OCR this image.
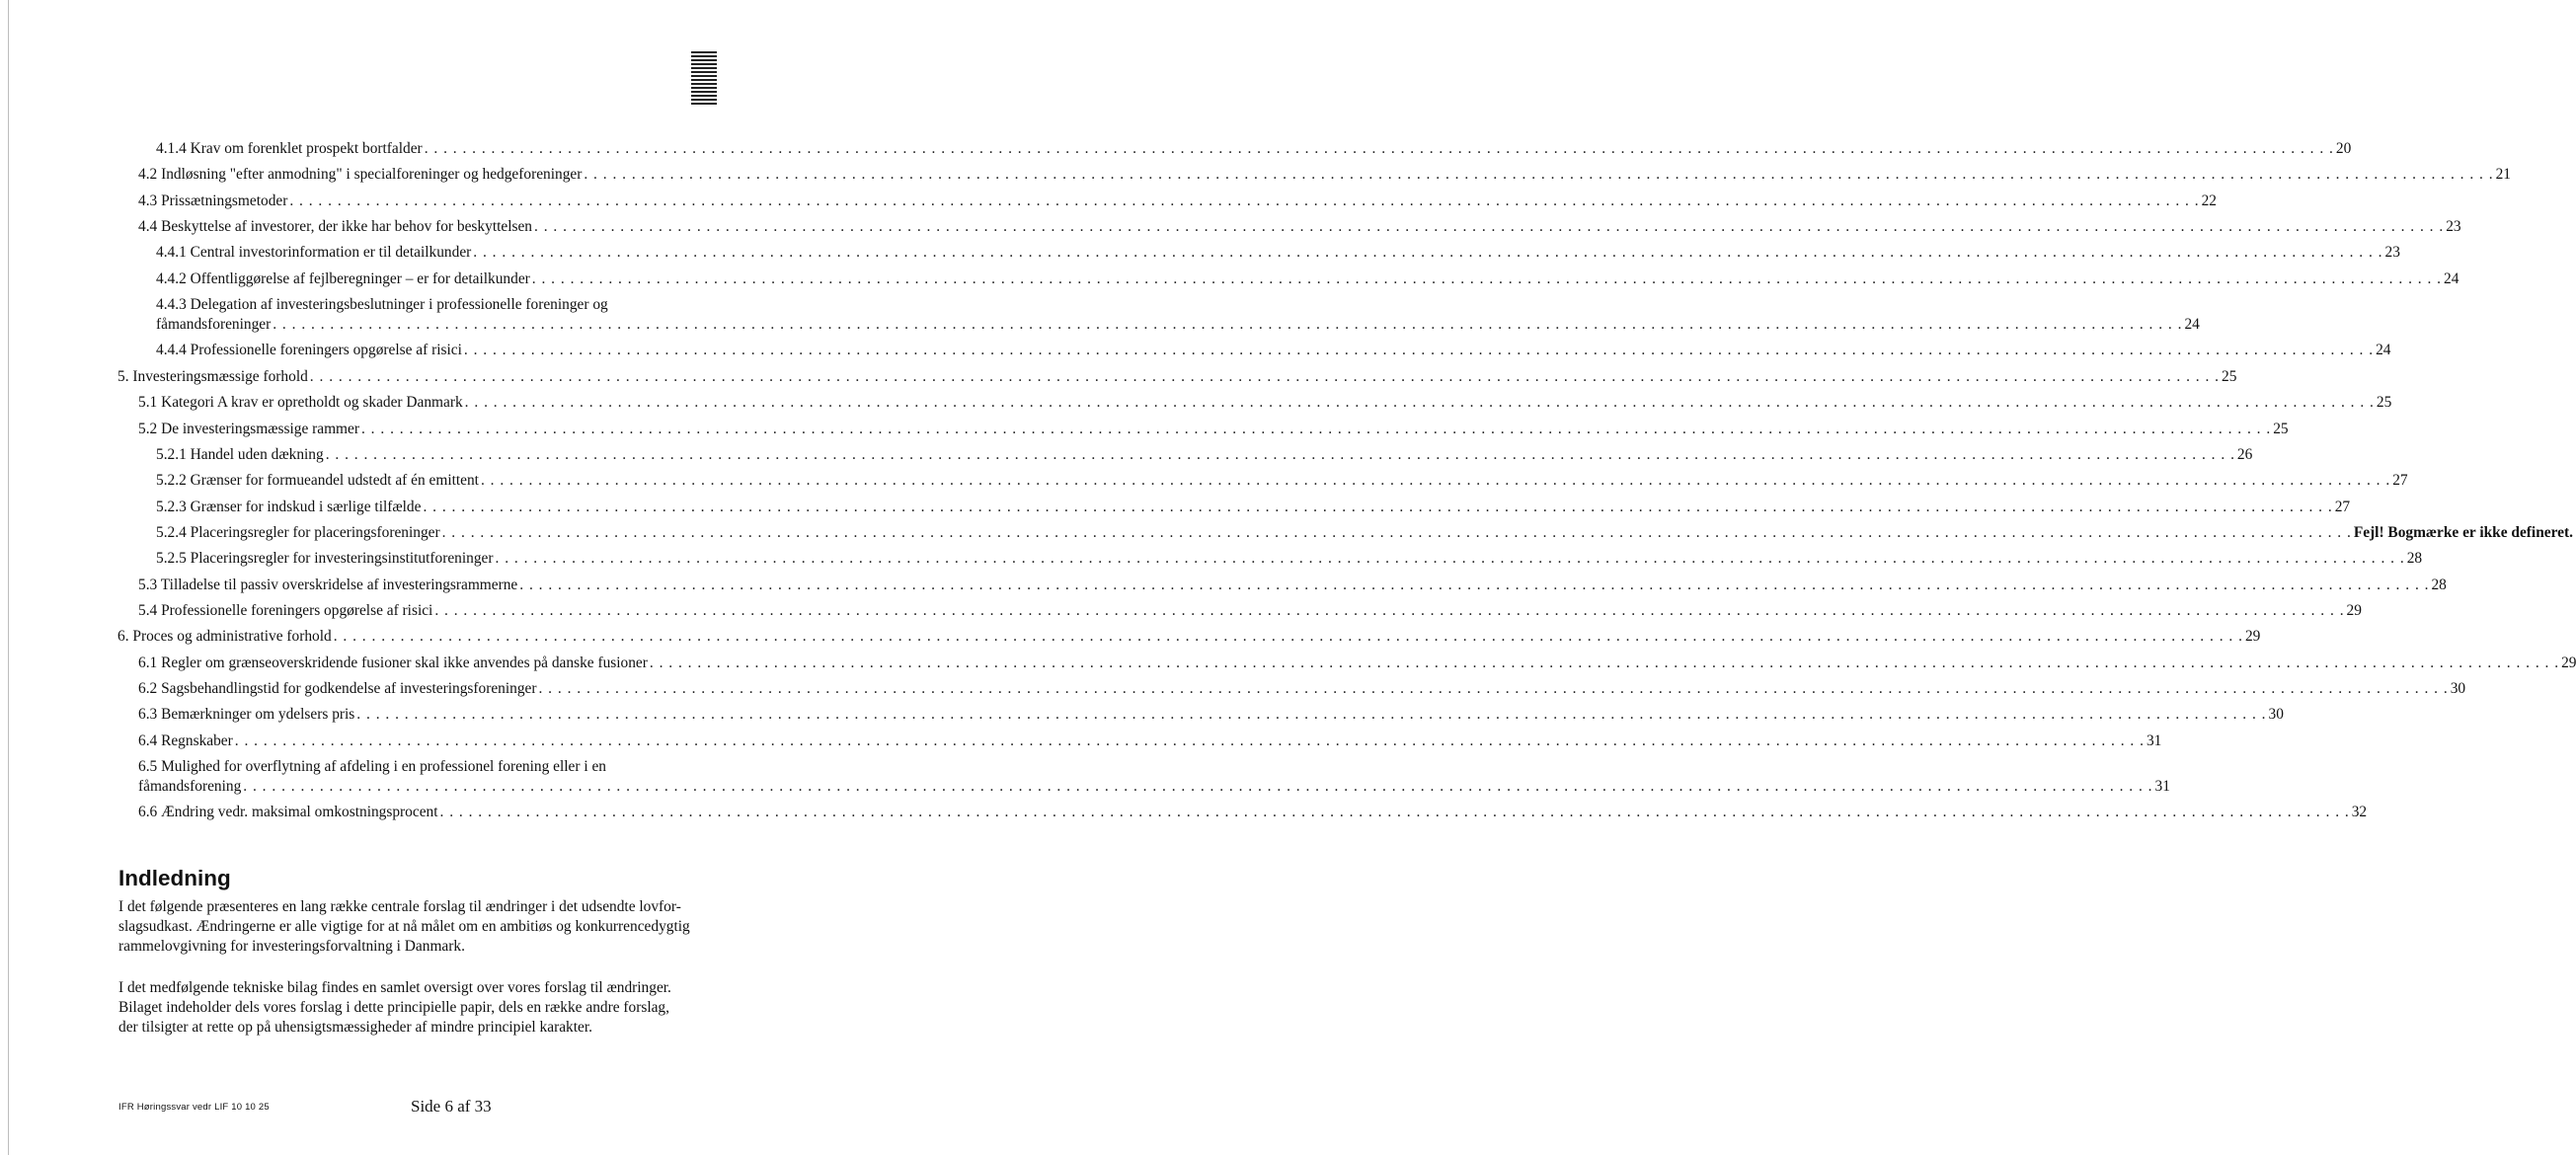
4.1.4 Krav om forenklet prospekt bortfalder . . . . . . . . . . . . . . . . . . . . . . . . . . . . . . . . . . . . . . . . . . . . . . . . . . . . . . . . . . . . . . . . . . . . . . . . . . . . . . . . . . . . . . . . . . . . . . . . . . . . . . . . . . . . . . . . . . . . . . . . . . . . . . . . . . . . . . . . . . . . . . . . . . . . . . . . . . . . . . . . . . . . . . . . . . . . . . . . . . . . . . . . . . . . . . . . . . . . . . . . 20
4.2 Indløsning "efter anmodning" i specialforeninger og hedgeforeninger . . . . . . . . . . . . . . . . . . . . . . . . . . . . . . . . . . . . . . . . . . . . . . . . . . . . . . . . . . . . . . . . . . . . . . . . . . . . . . . . . . . . . . . . . . . . . . . . . . . . . . . . . . . . . . . . . . . . . . . . . . . . . . . . . . . . . . . . . . . . . . . . . . . . . . . . . . . . . . . . . . . . . . . . . . . . . . . . . . . . . . . . . . . . . . . . . . . . . . . . 21
4.3 Prissætningsmetoder . . . . . . . . . . . . . . . . . . . . . . . . . . . . . . . . . . . . . . . . . . . . . . . . . . . . . . . . . . . . . . . . . . . . . . . . . . . . . . . . . . . . . . . . . . . . . . . . . . . . . . . . . . . . . . . . . . . . . . . . . . . . . . . . . . . . . . . . . . . . . . . . . . . . . . . . . . . . . . . . . . . . . . . . . . . . . . . . . . . . . . . . . . . . . . . . . . . . . . . . 22
4.4 Beskyttelse af investorer, der ikke har behov for beskyttelsen . . . . . . . . . . . . . . . . . . . . . . . . . . . . . . . . . . . . . . . . . . . . . . . . . . . . . . . . . . . . . . . . . . . . . . . . . . . . . . . . . . . . . . . . . . . . . . . . . . . . . . . . . . . . . . . . . . . . . . . . . . . . . . . . . . . . . . . . . . . . . . . . . . . . . . . . . . . . . . . . . . . . . . . . . . . . . . . . . . . . . . . . . . . . . . . . . . . . . . . . 23
4.4.1 Central investorinformation er til detailkunder . . . . . . . . . . . . . . . . . . . . . . . . . . . . . . . . . . . . . . . . . . . . . . . . . . . . . . . . . . . . . . . . . . . . . . . . . . . . . . . . . . . . . . . . . . . . . . . . . . . . . . . . . . . . . . . . . . . . . . . . . . . . . . . . . . . . . . . . . . . . . . . . . . . . . . . . . . . . . . . . . . . . . . . . . . . . . . . . . . . . . . . . . . . . . . . . . . . . . . . . 23
4.4.2 Offentliggørelse af fejlberegninger – er for detailkunder . . . . . . . . . . . . . . . . . . . . . . . . . . . . . . . . . . . . . . . . . . . . . . . . . . . . . . . . . . . . . . . . . . . . . . . . . . . . . . . . . . . . . . . . . . . . . . . . . . . . . . . . . . . . . . . . . . . . . . . . . . . . . . . . . . . . . . . . . . . . . . . . . . . . . . . . . . . . . . . . . . . . . . . . . . . . . . . . . . . . . . . . . . . . . . . . . . . . . . . . 24
4.4.3 Delegation af investeringsbeslutninger i professionelle foreninger og
fåmandsforeninger . . . . . . . . . . . . . . . . . . . . . . . . . . . . . . . . . . . . . . . . . . . . . . . . . . . . . . . . . . . . . . . . . . . . . . . . . . . . . . . . . . . . . . . . . . . . . . . . . . . . . . . . . . . . . . . . . . . . . . . . . . . . . . . . . . . . . . . . . . . . . . . . . . . . . . . . . . . . . . . . . . . . . . . . . . . . . . . . . . . . . . . . . . . . . . . . . . . . . . . . 24
4.4.4 Professionelle foreningers opgørelse af risici . . . . . . . . . . . . . . . . . . . . . . . . . . . . . . . . . . . . . . . . . . . . . . . . . . . . . . . . . . . . . . . . . . . . . . . . . . . . . . . . . . . . . . . . . . . . . . . . . . . . . . . . . . . . . . . . . . . . . . . . . . . . . . . . . . . . . . . . . . . . . . . . . . . . . . . . . . . . . . . . . . . . . . . . . . . . . . . . . . . . . . . . . . . . . . . . . . . . . . . . 24
5. Investeringsmæssige forhold . . . . . . . . . . . . . . . . . . . . . . . . . . . . . . . . . . . . . . . . . . . . . . . . . . . . . . . . . . . . . . . . . . . . . . . . . . . . . . . . . . . . . . . . . . . . . . . . . . . . . . . . . . . . . . . . . . . . . . . . . . . . . . . . . . . . . . . . . . . . . . . . . . . . . . . . . . . . . . . . . . . . . . . . . . . . . . . . . . . . . . . . . . . . . . . . . . . . . . . . 25
5.1 Kategori A krav er opretholdt og skader Danmark . . . . . . . . . . . . . . . . . . . . . . . . . . . . . . . . . . . . . . . . . . . . . . . . . . . . . . . . . . . . . . . . . . . . . . . . . . . . . . . . . . . . . . . . . . . . . . . . . . . . . . . . . . . . . . . . . . . . . . . . . . . . . . . . . . . . . . . . . . . . . . . . . . . . . . . . . . . . . . . . . . . . . . . . . . . . . . . . . . . . . . . . . . . . . . . . . . . . . . . . 25
5.2 De investeringsmæssige rammer . . . . . . . . . . . . . . . . . . . . . . . . . . . . . . . . . . . . . . . . . . . . . . . . . . . . . . . . . . . . . . . . . . . . . . . . . . . . . . . . . . . . . . . . . . . . . . . . . . . . . . . . . . . . . . . . . . . . . . . . . . . . . . . . . . . . . . . . . . . . . . . . . . . . . . . . . . . . . . . . . . . . . . . . . . . . . . . . . . . . . . . . . . . . . . . . . . . . . . . . 25
5.2.1 Handel uden dækning . . . . . . . . . . . . . . . . . . . . . . . . . . . . . . . . . . . . . . . . . . . . . . . . . . . . . . . . . . . . . . . . . . . . . . . . . . . . . . . . . . . . . . . . . . . . . . . . . . . . . . . . . . . . . . . . . . . . . . . . . . . . . . . . . . . . . . . . . . . . . . . . . . . . . . . . . . . . . . . . . . . . . . . . . . . . . . . . . . . . . . . . . . . . . . . . . . . . . . . . 26
5.2.2 Grænser for formueandel udstedt af én emittent . . . . . . . . . . . . . . . . . . . . . . . . . . . . . . . . . . . . . . . . . . . . . . . . . . . . . . . . . . . . . . . . . . . . . . . . . . . . . . . . . . . . . . . . . . . . . . . . . . . . . . . . . . . . . . . . . . . . . . . . . . . . . . . . . . . . . . . . . . . . . . . . . . . . . . . . . . . . . . . . . . . . . . . . . . . . . . . . . . . . . . . . . . . . . . . . . . . . . . . . 27
5.2.3 Grænser for indskud i særlige tilfælde . . . . . . . . . . . . . . . . . . . . . . . . . . . . . . . . . . . . . . . . . . . . . . . . . . . . . . . . . . . . . . . . . . . . . . . . . . . . . . . . . . . . . . . . . . . . . . . . . . . . . . . . . . . . . . . . . . . . . . . . . . . . . . . . . . . . . . . . . . . . . . . . . . . . . . . . . . . . . . . . . . . . . . . . . . . . . . . . . . . . . . . . . . . . . . . . . . . . . . . . 27
5.2.4 Placeringsregler for placeringsforeninger . . . . . . . . . . . . . . . . . . . . . . . . . . . . . . . . . . . . . . . . . . . . . . . . . . . . . . . . . . . . . . . . . . . . . . . . . . . . . . . . . . . . . . . . . . . . . . . . . . . . . . . . . . . . . . . . . . . . . . . . . . . . . . . . . . . . . . . . . . . . . . . . . . . . . . . . . . . . . . . . . . . . . . . . . . . . . . . . . . . . . . . . . . . . . . . . . . . . . . . . Fejl! Bogmærke er ikke defineret.
5.2.5 Placeringsregler for investeringsinstitutforeninger . . . . . . . . . . . . . . . . . . . . . . . . . . . . . . . . . . . . . . . . . . . . . . . . . . . . . . . . . . . . . . . . . . . . . . . . . . . . . . . . . . . . . . . . . . . . . . . . . . . . . . . . . . . . . . . . . . . . . . . . . . . . . . . . . . . . . . . . . . . . . . . . . . . . . . . . . . . . . . . . . . . . . . . . . . . . . . . . . . . . . . . . . . . . . . . . . . . . . . . . 28
5.3 Tilladelse til passiv overskridelse af investeringsrammerne . . . . . . . . . . . . . . . . . . . . . . . . . . . . . . . . . . . . . . . . . . . . . . . . . . . . . . . . . . . . . . . . . . . . . . . . . . . . . . . . . . . . . . . . . . . . . . . . . . . . . . . . . . . . . . . . . . . . . . . . . . . . . . . . . . . . . . . . . . . . . . . . . . . . . . . . . . . . . . . . . . . . . . . . . . . . . . . . . . . . . . . . . . . . . . . . . . . . . . . . 28
5.4 Professionelle foreningers opgørelse af risici . . . . . . . . . . . . . . . . . . . . . . . . . . . . . . . . . . . . . . . . . . . . . . . . . . . . . . . . . . . . . . . . . . . . . . . . . . . . . . . . . . . . . . . . . . . . . . . . . . . . . . . . . . . . . . . . . . . . . . . . . . . . . . . . . . . . . . . . . . . . . . . . . . . . . . . . . . . . . . . . . . . . . . . . . . . . . . . . . . . . . . . . . . . . . . . . . . . . . . . . 29
6. Proces og administrative forhold . . . . . . . . . . . . . . . . . . . . . . . . . . . . . . . . . . . . . . . . . . . . . . . . . . . . . . . . . . . . . . . . . . . . . . . . . . . . . . . . . . . . . . . . . . . . . . . . . . . . . . . . . . . . . . . . . . . . . . . . . . . . . . . . . . . . . . . . . . . . . . . . . . . . . . . . . . . . . . . . . . . . . . . . . . . . . . . . . . . . . . . . . . . . . . . . . . . . . . . . 29
6.1 Regler om grænseoverskridende fusioner skal ikke anvendes på danske fusioner . . . . . . . . . . . . . . . . . . . . . . . . . . . . . . . . . . . . . . . . . . . . . . . . . . . . . . . . . . . . . . . . . . . . . . . . . . . . . . . . . . . . . . . . . . . . . . . . . . . . . . . . . . . . . . . . . . . . . . . . . . . . . . . . . . . . . . . . . . . . . . . . . . . . . . . . . . . . . . . . . . . . . . . . . . . . . . . . . . . . . . . . . . . . . . . . . . . . . . . . 29
6.2 Sagsbehandlingstid for godkendelse af investeringsforeninger . . . . . . . . . . . . . . . . . . . . . . . . . . . . . . . . . . . . . . . . . . . . . . . . . . . . . . . . . . . . . . . . . . . . . . . . . . . . . . . . . . . . . . . . . . . . . . . . . . . . . . . . . . . . . . . . . . . . . . . . . . . . . . . . . . . . . . . . . . . . . . . . . . . . . . . . . . . . . . . . . . . . . . . . . . . . . . . . . . . . . . . . . . . . . . . . . . . . . . . . 30
6.3 Bemærkninger om ydelsers pris . . . . . . . . . . . . . . . . . . . . . . . . . . . . . . . . . . . . . . . . . . . . . . . . . . . . . . . . . . . . . . . . . . . . . . . . . . . . . . . . . . . . . . . . . . . . . . . . . . . . . . . . . . . . . . . . . . . . . . . . . . . . . . . . . . . . . . . . . . . . . . . . . . . . . . . . . . . . . . . . . . . . . . . . . . . . . . . . . . . . . . . . . . . . . . . . . . . . . . . . 30
6.4 Regnskaber . . . . . . . . . . . . . . . . . . . . . . . . . . . . . . . . . . . . . . . . . . . . . . . . . . . . . . . . . . . . . . . . . . . . . . . . . . . . . . . . . . . . . . . . . . . . . . . . . . . . . . . . . . . . . . . . . . . . . . . . . . . . . . . . . . . . . . . . . . . . . . . . . . . . . . . . . . . . . . . . . . . . . . . . . . . . . . . . . . . . . . . . . . . . . . . . . . . . . . . . 31
6.5 Mulighed for overflytning af afdeling i en professionel forening eller i en
fåmandsforening . . . . . . . . . . . . . . . . . . . . . . . . . . . . . . . . . . . . . . . . . . . . . . . . . . . . . . . . . . . . . . . . . . . . . . . . . . . . . . . . . . . . . . . . . . . . . . . . . . . . . . . . . . . . . . . . . . . . . . . . . . . . . . . . . . . . . . . . . . . . . . . . . . . . . . . . . . . . . . . . . . . . . . . . . . . . . . . . . . . . . . . . . . . . . . . . . . . . . . . . 31
6.6 Ændring vedr. maksimal omkostningsprocent . . . . . . . . . . . . . . . . . . . . . . . . . . . . . . . . . . . . . . . . . . . . . . . . . . . . . . . . . . . . . . . . . . . . . . . . . . . . . . . . . . . . . . . . . . . . . . . . . . . . . . . . . . . . . . . . . . . . . . . . . . . . . . . . . . . . . . . . . . . . . . . . . . . . . . . . . . . . . . . . . . . . . . . . . . . . . . . . . . . . . . . . . . . . . . . . . . . . . . . . 32
Indledning
I det følgende præsenteres en lang række centrale forslag til ændringer i det udsendte lovfor-
slagsudkast. Ændringerne er alle vigtige for at nå målet om en ambitiøs og konkurrencedygtig
rammelovgivning for investeringsforvaltning i Danmark.
I det medfølgende tekniske bilag findes en samlet oversigt over vores forslag til ændringer.
Bilaget indeholder dels vores forslag i dette principielle papir, dels en række andre forslag,
der tilsigter at rette op på uhensigtsmæssigheder af mindre principiel karakter.
IFR Høringssvar vedr LIF 10 10 25	Side 6 af 33
